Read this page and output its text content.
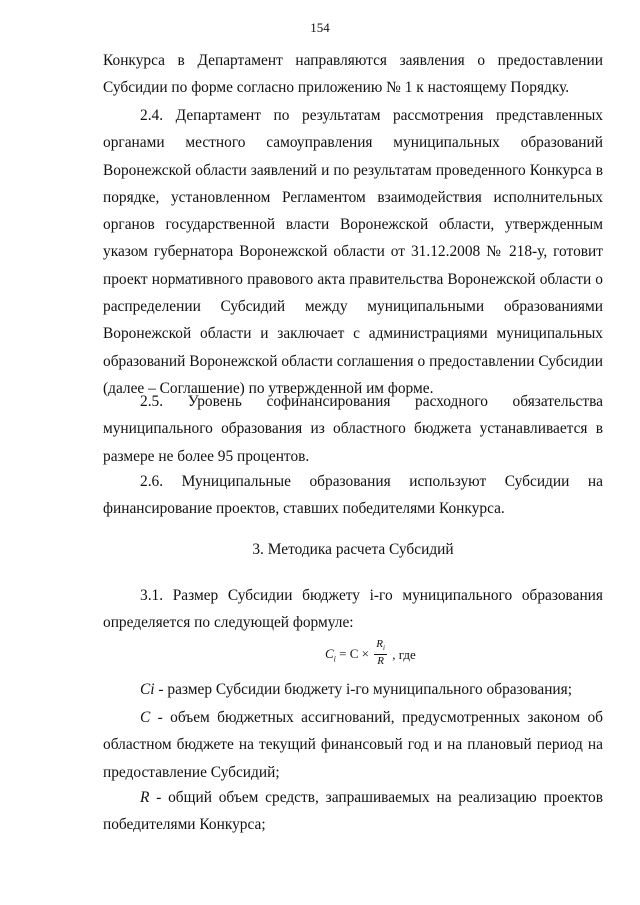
154

Конкурса в Департамент направляются заявления о предоставлении Субсидии по форме согласно приложению № 1 к настоящему Порядку.

2.4. Департамент по результатам рассмотрения представленных органами местного самоуправления муниципальных образований Воронежской области заявлений и по результатам проведенного Конкурса в порядке, установленном Регламентом взаимодействия исполнительных органов государственной власти Воронежской области, утвержденным указом губернатора Воронежской области от 31.12.2008 № 218-у, готовит проект нормативного правового акта правительства Воронежской области о распределении Субсидий между муниципальными образованиями Воронежской области и заключает с администрациями муниципальных образований Воронежской области соглашения о предоставлении Субсидии (далее – Соглашение) по утвержденной им форме.

2.5. Уровень софинансирования расходного обязательства муниципального образования из областного бюджета устанавливается в размере не более 95 процентов.

2.6. Муниципальные образования используют Субсидии на финансирование проектов, ставших победителями Конкурса.

3. Методика расчета Субсидий

3.1. Размер Субсидии бюджету i-го муниципального образования определяется по следующей формуле:

$C_i = C \times \frac{R_i}{R}$ , где

Ci - размер Субсидии бюджету i-го муниципального образования;

C - объем бюджетных ассигнований, предусмотренных законом об областном бюджете на текущий финансовый год и на плановый период на предоставление Субсидий;

R - общий объем средств, запрашиваемых на реализацию проектов победителями Конкурса;
